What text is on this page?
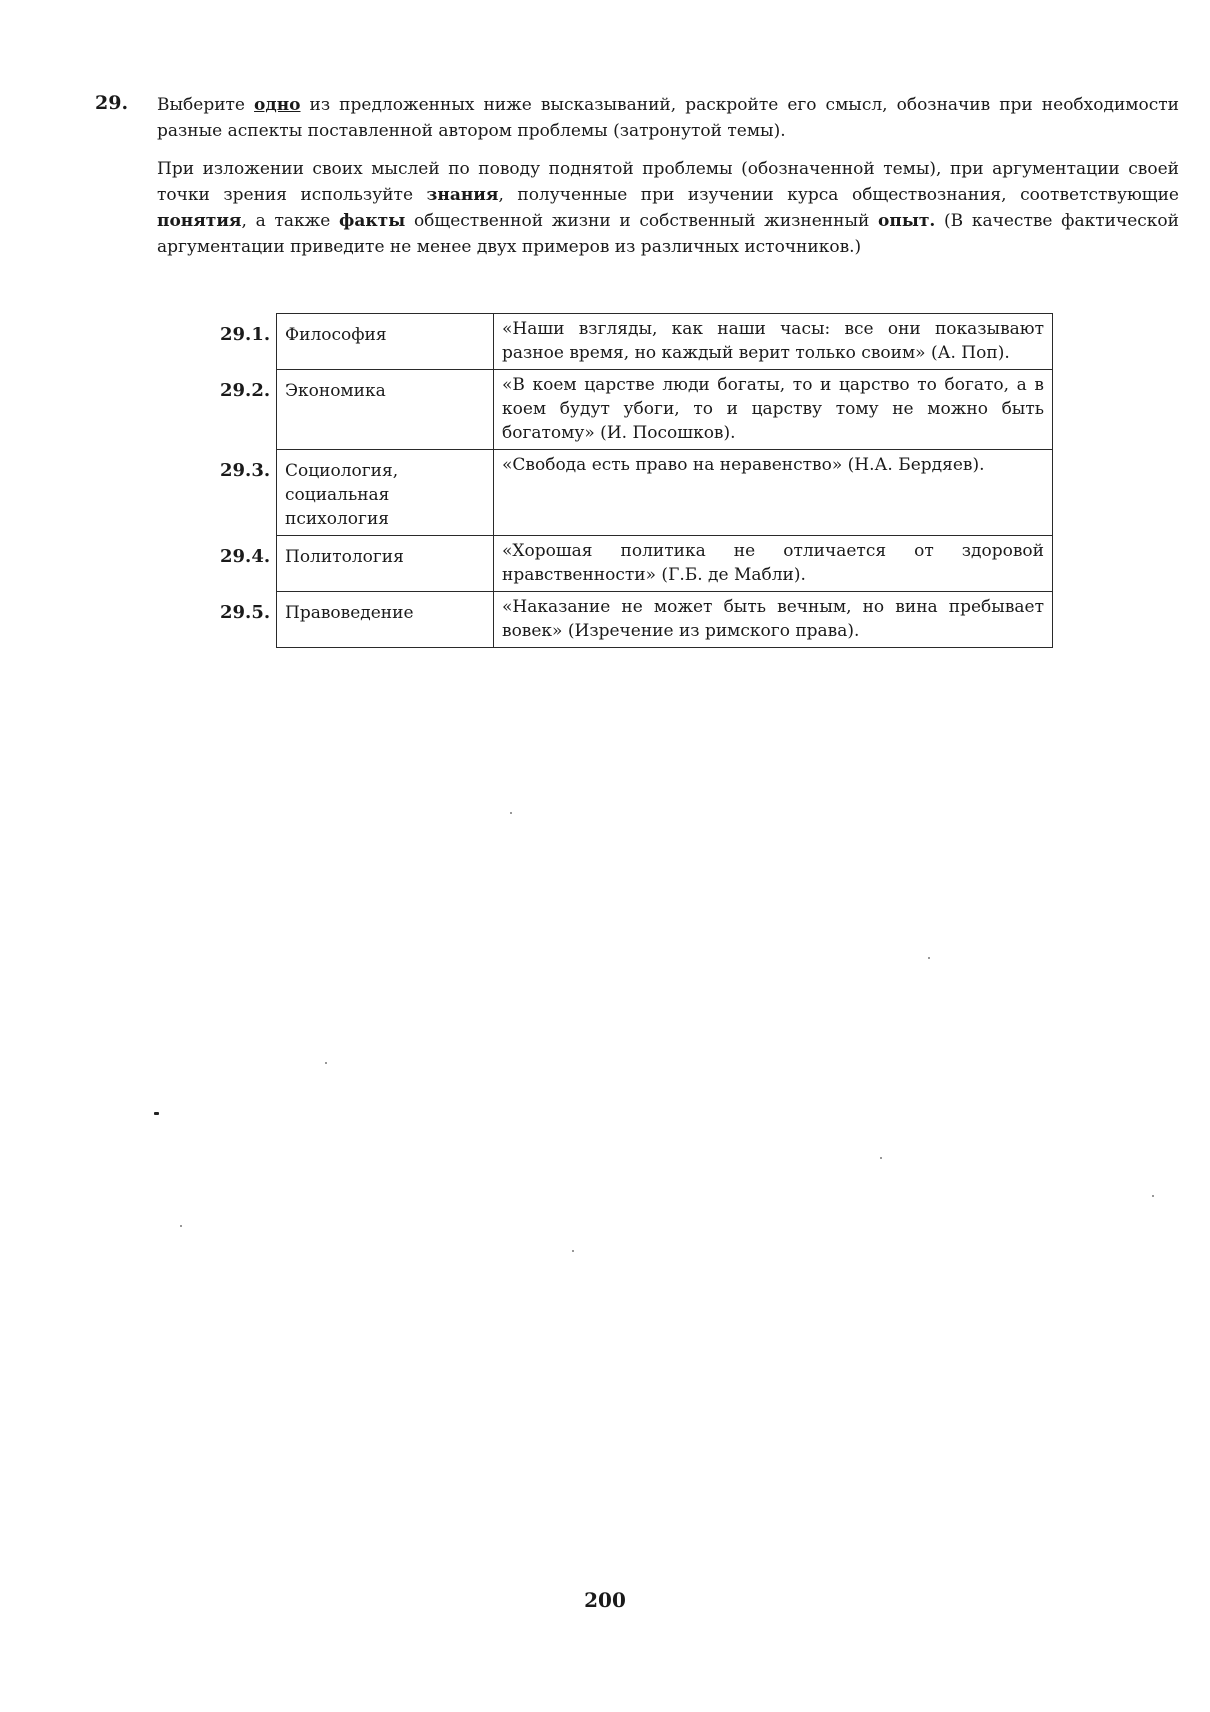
29. Выберите одно из предложенных ниже высказываний, раскройте его смысл, обозначив при необходимости разные аспекты поставленной автором проблемы (затронутой темы).

При изложении своих мыслей по поводу поднятой проблемы (обозначенной темы), при аргументации своей точки зрения используйте знания, полученные при изучении курса обществознания, соответствующие понятия, а также факты общественной жизни и собственный жизненный опыт. (В качестве фактической аргументации приведите не менее двух примеров из различных источников.)

29.1.	Философия	«Наши взгляды, как наши часы: все они показывают разное время, но каждый верит только своим» (А. Поп).
29.2.	Экономика	«В коем царстве люди богаты, то и царство то богато, а в коем будут убоги, то и царству тому не можно быть богатому» (И. Посошков).
29.3.	Социология, социальная психология	«Свобода есть право на неравенство» (Н.А. Бердяев).
29.4.	Политология	«Хорошая политика не отличается от здоровой нравственности» (Г.Б. де Мабли).
29.5.	Правоведение	«Наказание не может быть вечным, но вина пребывает вовек» (Изречение из римского права).
200
